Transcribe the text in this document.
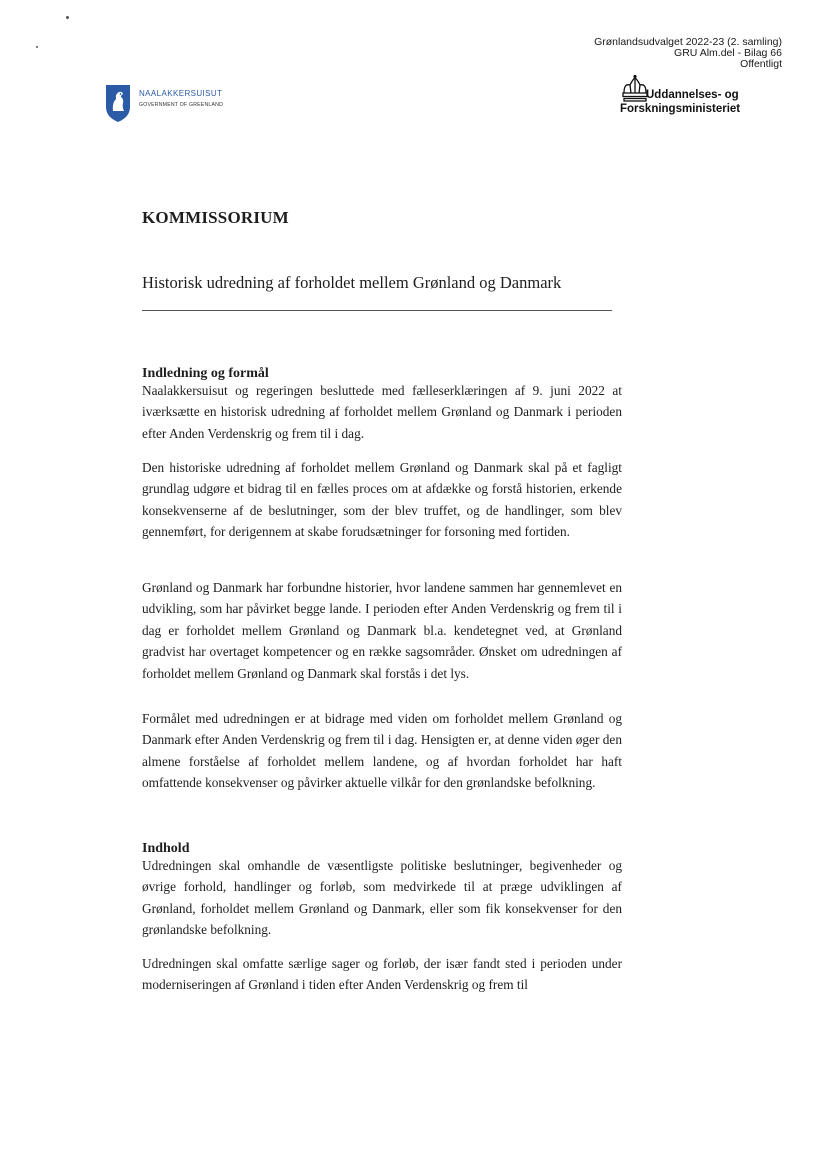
Grønlandsudvalget 2022-23 (2. samling)
GRU Alm.del - Bilag 66
Offentligt
NAALAKKERSUISUT
GOVERNMENT OF GREENLAND
Uddannelses- og
Forskningsministeriet
KOMMISSORIUM
Historisk udredning af forholdet mellem Grønland og Danmark
Indledning og formål
Naalakkersuisut og regeringen besluttede med fælleserklæringen af 9. juni 2022 at iværksætte en historisk udredning af forholdet mellem Grønland og Danmark i perioden efter Anden Verdenskrig og frem til i dag.
Den historiske udredning af forholdet mellem Grønland og Danmark skal på et fagligt grundlag udgøre et bidrag til en fælles proces om at afdække og forstå historien, erkende konsekvenserne af de beslutninger, som der blev truffet, og de handlinger, som blev gennemført, for derigennem at skabe forudsætninger for forsoning med fortiden.
Grønland og Danmark har forbundne historier, hvor landene sammen har gennemlevet en udvikling, som har påvirket begge lande. I perioden efter Anden Verdenskrig og frem til i dag er forholdet mellem Grønland og Danmark bl.a. kendetegnet ved, at Grønland gradvist har overtaget kompetencer og en række sagsområder. Ønsket om udredningen af forholdet mellem Grønland og Danmark skal forstås i det lys.
Formålet med udredningen er at bidrage med viden om forholdet mellem Grønland og Danmark efter Anden Verdenskrig og frem til i dag. Hensigten er, at denne viden øger den almene forståelse af forholdet mellem landene, og af hvordan forholdet har haft omfattende konsekvenser og påvirker aktuelle vilkår for den grønlandske befolkning.
Indhold
Udredningen skal omhandle de væsentligste politiske beslutninger, begivenheder og øvrige forhold, handlinger og forløb, som medvirkede til at præge udviklingen af Grønland, forholdet mellem Grønland og Danmark, eller som fik konsekvenser for den grønlandske befolkning.
Udredningen skal omfatte særlige sager og forløb, der især fandt sted i perioden under moderniseringen af Grønland i tiden efter Anden Verdenskrig og frem til
